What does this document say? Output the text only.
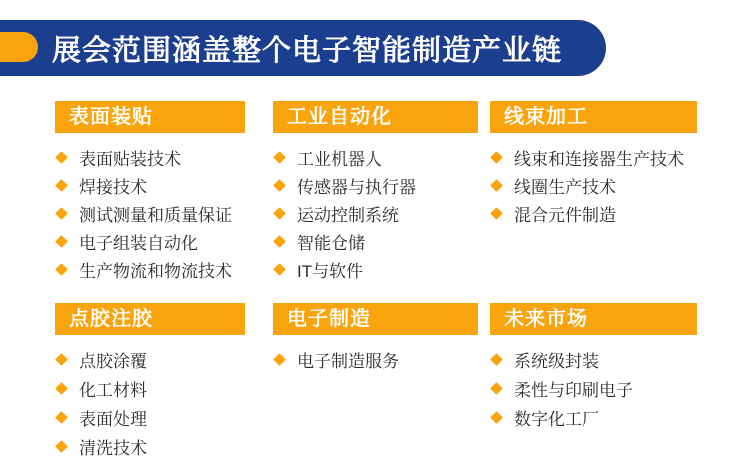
展会范围涵盖整个电子智能制造产业链
表面装贴
表面贴装技术
焊接技术
测试测量和质量保证
电子组装自动化
生产物流和物流技术
工业自动化
工业机器人
传感器与执行器
运动控制系统
智能仓储
IT与软件
线束加工
线束和连接器生产技术
线圈生产技术
混合元件制造
点胶注胶
点胶涂覆
化工材料
表面处理
清洗技术
电子制造
电子制造服务
未来市场
系统级封装
柔性与印刷电子
数字化工厂
